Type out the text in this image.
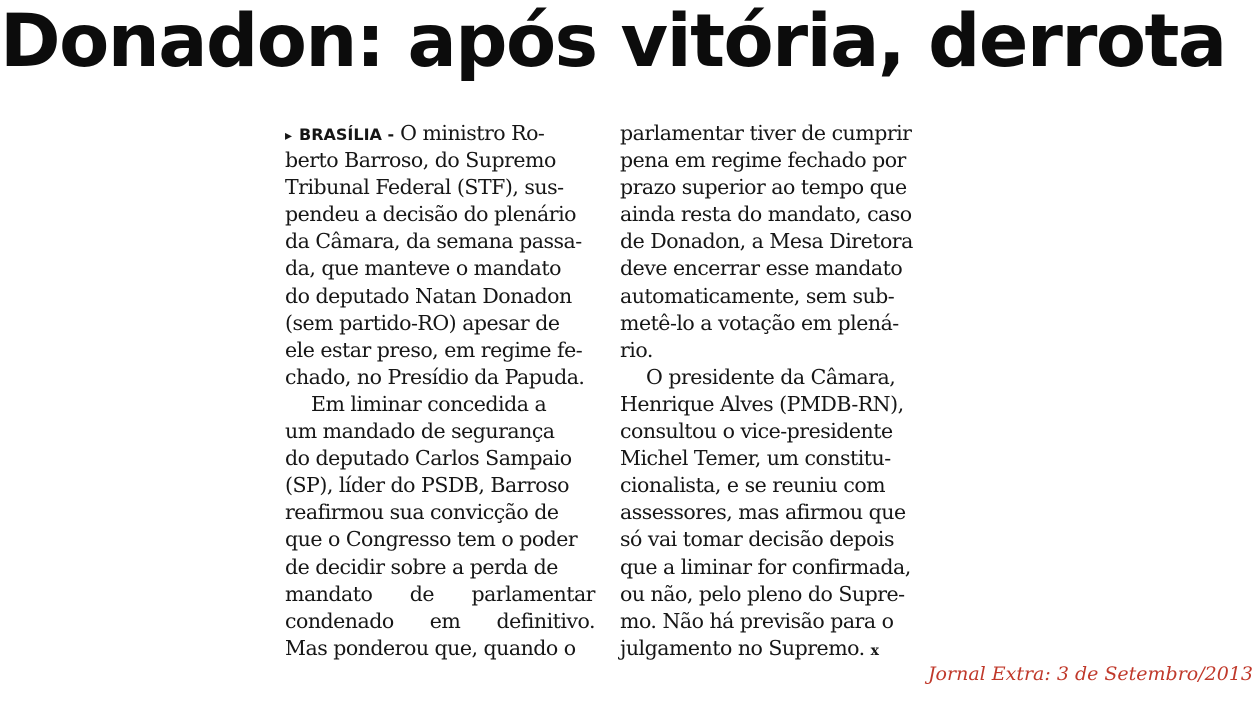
Donadon: após vitória, derrota
▸ BRASÍLIA - O ministro Ro-
berto Barroso, do Supremo
Tribunal Federal (STF), sus-
pendeu a decisão do plenário
da Câmara, da semana passa-
da, que manteve o mandato
do deputado Natan Donadon
(sem partido-RO) apesar de
ele estar preso, em regime fe-
chado, no Presídio da Papuda.
Em liminar concedida a
um mandado de segurança
do deputado Carlos Sampaio
(SP), líder do PSDB, Barroso
reafirmou sua convicção de
que o Congresso tem o poder
de decidir sobre a perda de
mandato de parlamentar
condenado em definitivo.
Mas ponderou que, quando o
parlamentar tiver de cumprir
pena em regime fechado por
prazo superior ao tempo que
ainda resta do mandato, caso
de Donadon, a Mesa Diretora
deve encerrar esse mandato
automaticamente, sem sub-
metê-lo a votação em plená-
rio.
O presidente da Câmara,
Henrique Alves (PMDB-RN),
consultou o vice-presidente
Michel Temer, um constitu-
cionalista, e se reuniu com
assessores, mas afirmou que
só vai tomar decisão depois
que a liminar for confirmada,
ou não, pelo pleno do Supre-
mo. Não há previsão para o
julgamento no Supremo. x
Jornal Extra: 3 de Setembro/2013
